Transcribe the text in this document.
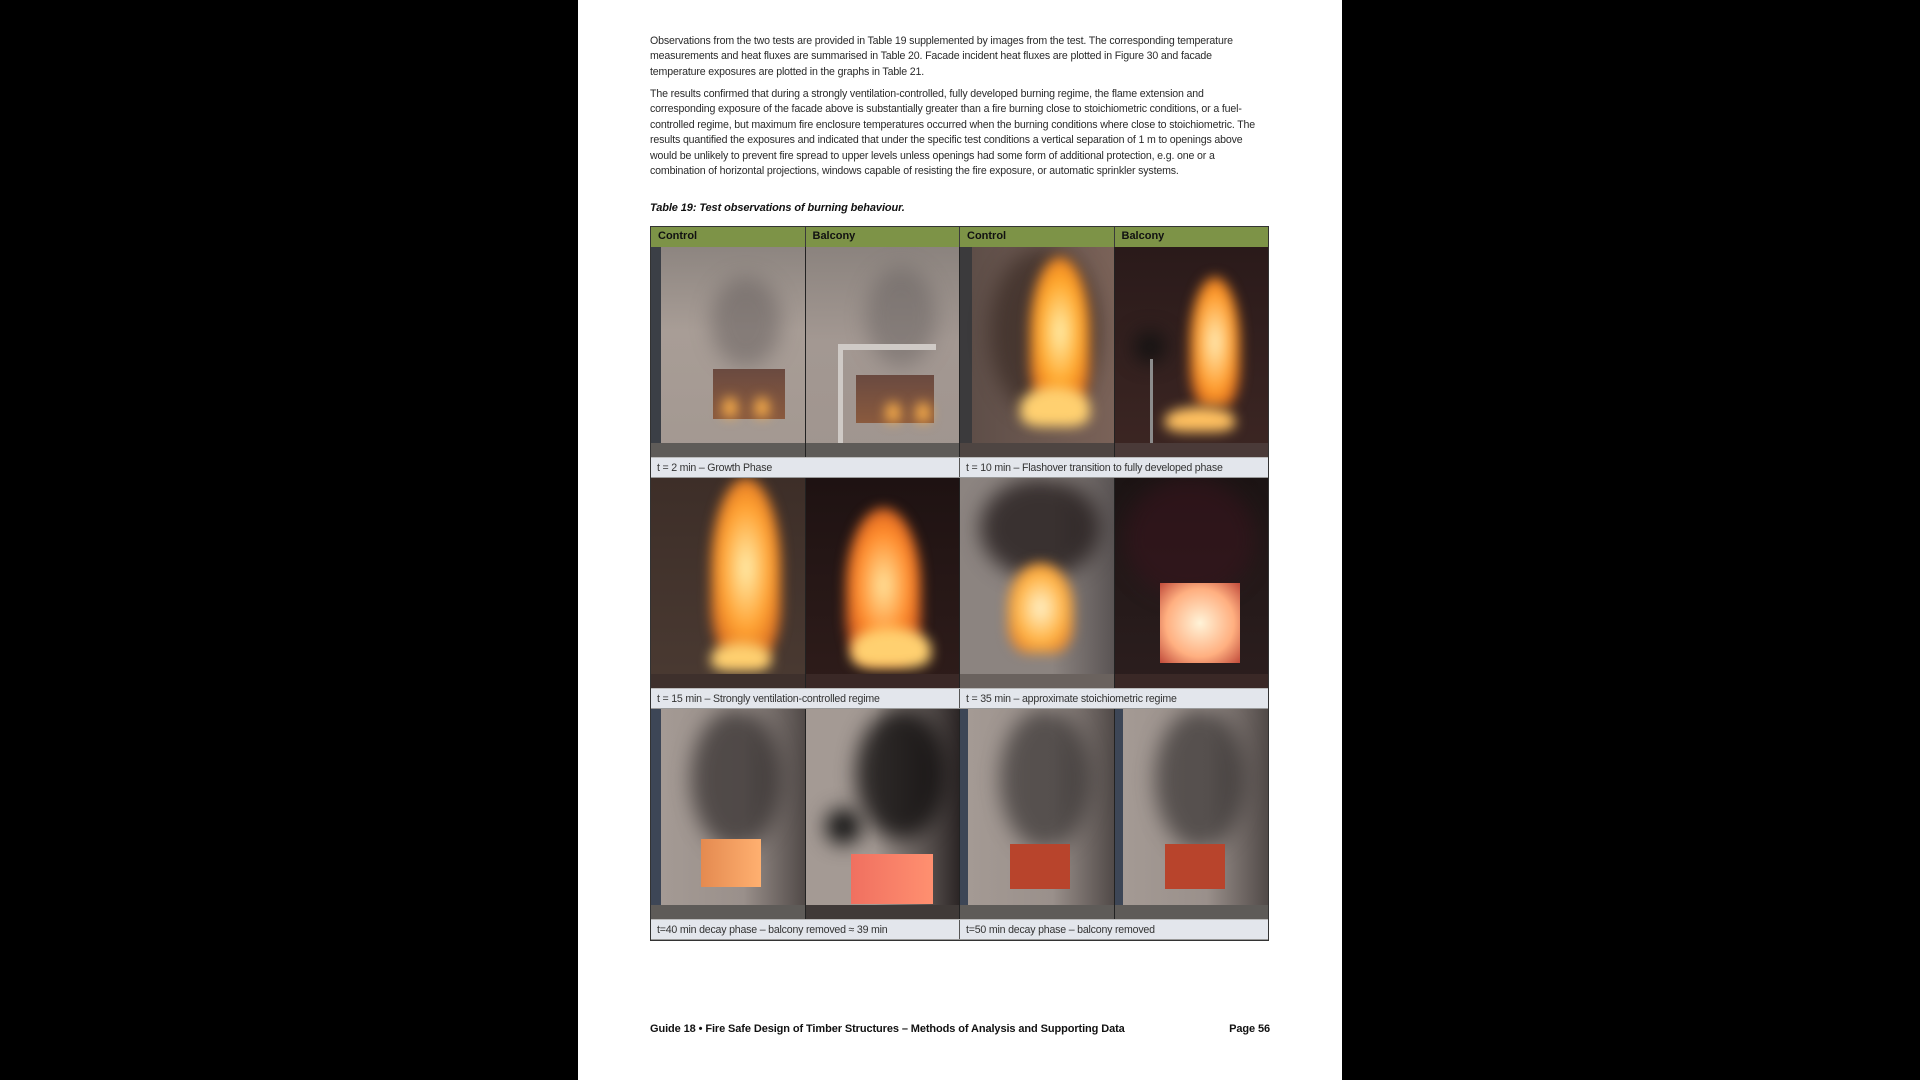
Observations from the two tests are provided in Table 19 supplemented by images from the test. The corresponding temperature measurements and heat fluxes are summarised in Table 20. Facade incident heat fluxes are plotted in Figure 30 and facade temperature exposures are plotted in the graphs in Table 21.

The results confirmed that during a strongly ventilation-controlled, fully developed burning regime, the flame extension and corresponding exposure of the facade above is substantially greater than a fire burning close to stoichiometric conditions, or a fuel-controlled regime, but maximum fire enclosure temperatures occurred when the burning conditions where close to stoichiometric. The results quantified the exposures and indicated that under the specific test conditions a vertical separation of 1 m to openings above would be unlikely to prevent fire spread to upper levels unless openings had some form of additional protection, e.g. one or a combination of horizontal projections, windows capable of resisting the fire exposure, or automatic sprinkler systems.

Table 19: Test observations of burning behaviour.
Control	Balcony	Control	Balcony
t = 2 min – Growth Phase	t = 10 min – Flashover transition to fully developed phase
t = 15 min – Strongly ventilation-controlled regime	t = 35 min – approximate stoichiometric regime
t=40 min decay phase – balcony removed ≈ 39 min	t=50 min decay phase – balcony removed
Guide 18 • Fire Safe Design of Timber Structures – Methods of Analysis and Supporting Data	Page 56
